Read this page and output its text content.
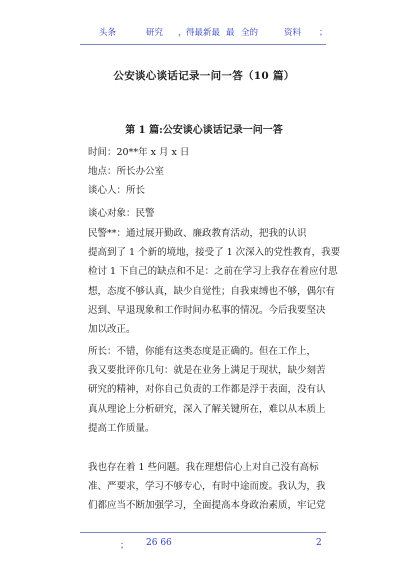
头条	研究 ， 得最新最 最 全的	资料 ；
公安谈心谈话记录一问一答（10 篇）
第 1 篇:公安谈心谈话记录一问一答
时间：20**年 x 月 x 日
地点：所长办公室
谈心人：所长
谈心对象：民警
民警**：通过展开勤政、廉政教育活动，把我的认识
提高到了 1 个新的境地，接受了 1 次深入的党性教育，我要
检讨 1 下自己的缺点和不足：之前在学习上我存在着应付思
想，态度不够认真，缺少自觉性；自我束缚也不够，偶尔有
迟到、早退现象和工作时间办私事的情况。今后我要坚决
加以改正。
所长：不错，你能有这类态度是正确的。但在工作上，
我又要批评你几句：就是在业务上满足于现状，缺少刻苦
研究的精神，对你自己负责的工作都是浮于表面，没有认
真从理论上分析研究，深入了解关键所在，难以从本质上
提高工作质量。
我也存在着 1 些问题。我在理想信心上对自己没有高标
准、严要求，学习不够专心，有时中途而废。我认为，我
们都应当不断加强学习，全面提高本身政治素质，牢记党
； 26 66	2
